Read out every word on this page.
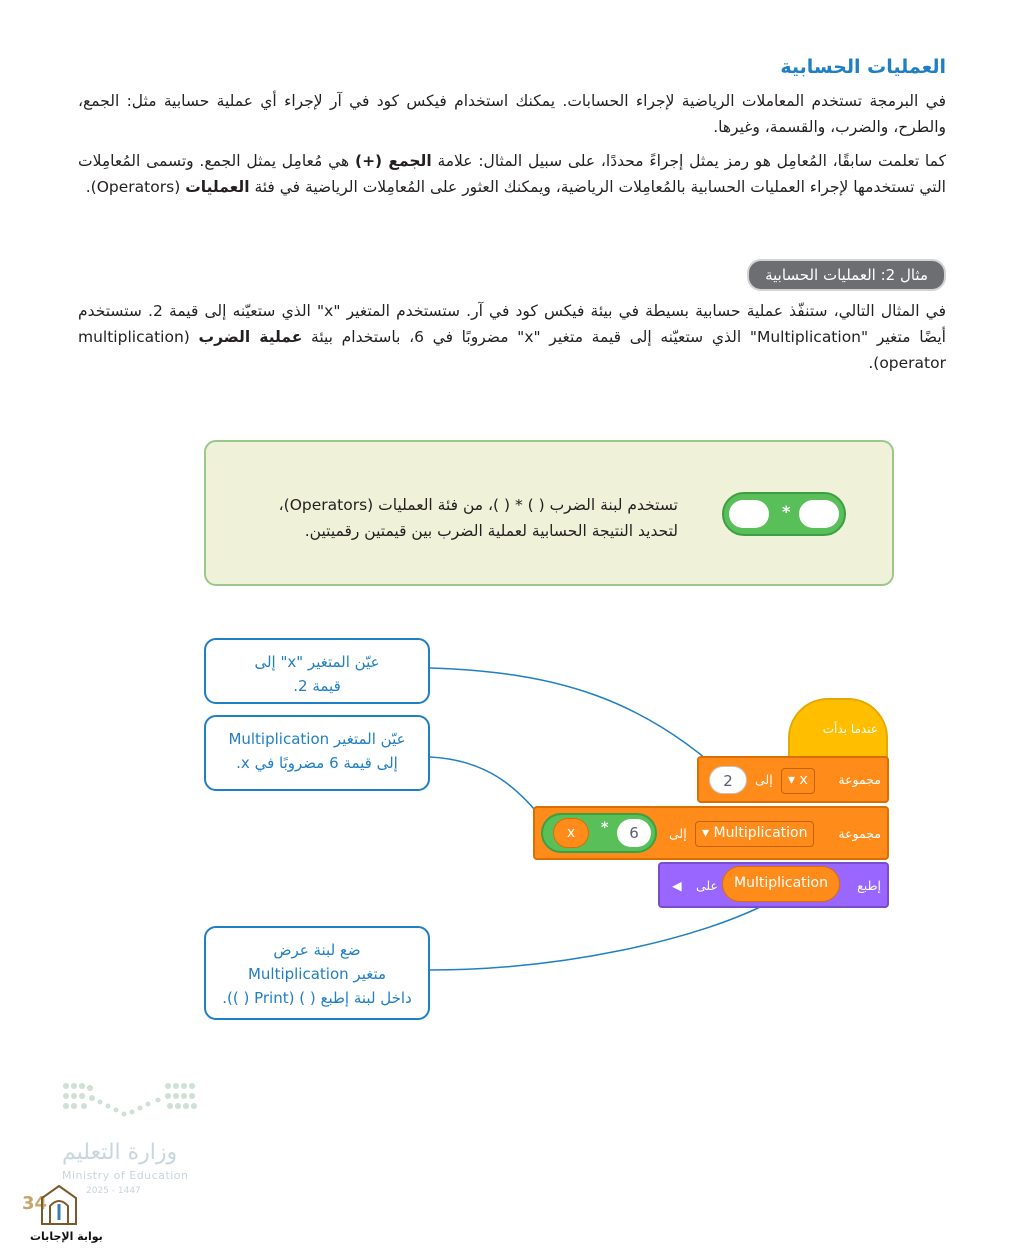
العمليات الحسابية
في البرمجة تستخدم المعاملات الرياضية لإجراء الحسابات. يمكنك استخدام فيكس كود في آر لإجراء أي عملية حسابية مثل: الجمع، والطرح، والضرب، والقسمة، وغيرها.
كما تعلمت سابقًا، المُعامِل هو رمز يمثل إجراءً محددًا، على سبيل المثال: علامة الجمع (+) هي مُعامِل يمثل الجمع. وتسمى المُعامِلات التي تستخدمها لإجراء العمليات الحسابية بالمُعامِلات الرياضية، ويمكنك العثور على المُعامِلات الرياضية في فئة العمليات (Operators).
مثال 2: العمليات الحسابية
في المثال التالي، ستنفّذ عملية حسابية بسيطة في بيئة فيكس كود في آر. ستستخدم المتغير "x" الذي ستعيّنه إلى قيمة 2. ستستخدم أيضًا متغير "Multiplication" الذي ستعيّنه إلى قيمة متغير "x" مضروبًا في 6، باستخدام بيئة عملية الضرب (multiplication operator).
تستخدم لبنة الضرب ( ) * ( )، من فئة العمليات (Operators)،
لتحديد النتيجة الحسابية لعملية الضرب بين قيمتين رقميتين.
*
عيّن المتغير "x" إلى
قيمة 2.
عيّن المتغير Multiplication
إلى قيمة 6 مضروبًا في x.
ضع لبنة عرض
متغير Multiplication
داخل لبنة إطبع ( ) (Print ( )).
عندما بدأت
مجموعة
▾ x
إلى
2
مجموعة
▾ Multiplication
إلى
x	*	6
إطبع
على
◀	Multiplication
وزارة التعليم
Ministry of Education
2025 - 1447
34
بوابة الإجابات
